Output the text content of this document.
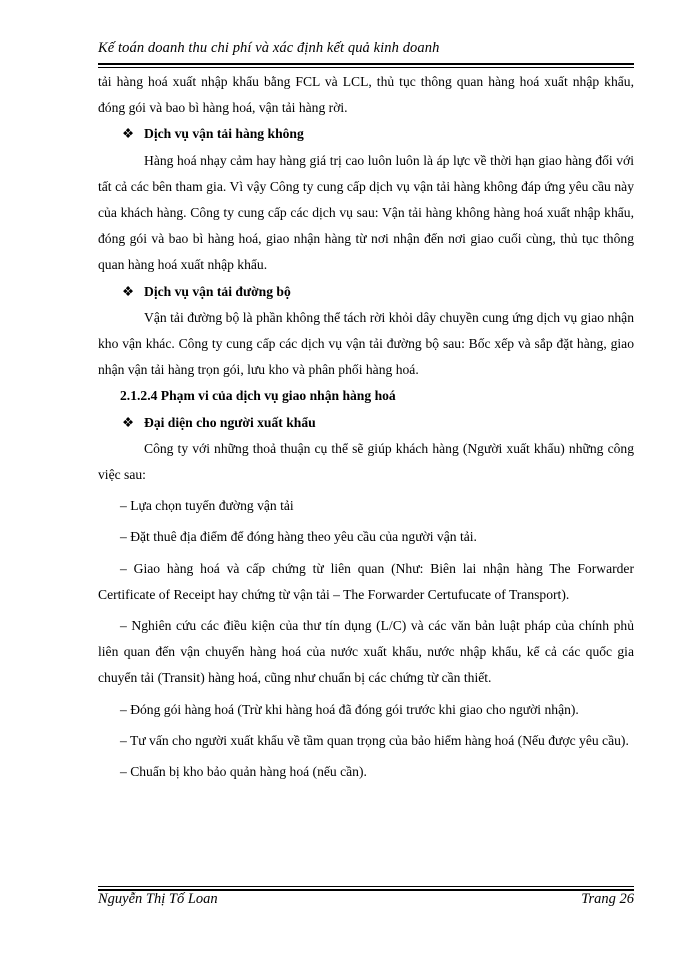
Kế toán doanh thu chi phí và xác định kết quả kinh doanh

tải hàng hoá xuất nhập khẩu bằng FCL và LCL, thủ tục thông quan hàng hoá xuất nhập khẩu, đóng gói và bao bì hàng hoá, vận tải hàng rời.

❖ Dịch vụ vận tải hàng không

Hàng hoá nhạy cảm hay hàng giá trị cao luôn luôn là áp lực về thời hạn giao hàng đối với tất cả các bên tham gia. Vì vậy Công ty cung cấp dịch vụ vận tải hàng không đáp ứng yêu cầu này của khách hàng. Công ty cung cấp các dịch vụ sau: Vận tải hàng không hàng hoá xuất nhập khẩu, đóng gói và bao bì hàng hoá, giao nhận hàng từ nơi nhận đến nơi giao cuối cùng, thủ tục thông quan hàng hoá xuất nhập khẩu.

❖ Dịch vụ vận tải đường bộ

Vận tải đường bộ là phần không thể tách rời khỏi dây chuyền cung ứng dịch vụ giao nhận kho vận khác. Công ty cung cấp các dịch vụ vận tải đường bộ sau: Bốc xếp và sắp đặt hàng, giao nhận vận tải hàng trọn gói, lưu kho và phân phối hàng hoá.

2.1.2.4 Phạm vi của dịch vụ giao nhận hàng hoá

❖ Đại diện cho người xuất khẩu

Công ty với những thoả thuận cụ thể sẽ giúp khách hàng (Người xuất khẩu) những công việc sau:

– Lựa chọn tuyến đường vận tải

– Đặt thuê địa điểm để đóng hàng theo yêu cầu của người vận tải.

– Giao hàng hoá và cấp chứng từ liên quan (Như: Biên lai nhận hàng The Forwarder Certificate of Receipt hay chứng từ vận tải – The Forwarder Certufucate of Transport).

– Nghiên cứu các điều kiện của thư tín dụng (L/C) và các văn bản luật pháp của chính phủ liên quan đến vận chuyển hàng hoá của nước xuất khẩu, nước nhập khẩu, kể cả các quốc gia chuyển tải (Transit) hàng hoá, cũng như chuẩn bị các chứng từ cần thiết.

– Đóng gói hàng hoá (Trừ khi hàng hoá đã đóng gói trước khi giao cho người nhận).

– Tư vấn cho người xuất khẩu về tầm quan trọng của bảo hiểm hàng hoá (Nếu được yêu cầu).

– Chuẩn bị kho bảo quản hàng hoá (nếu cần).

Nguyễn Thị Tố Loan	Trang 26
